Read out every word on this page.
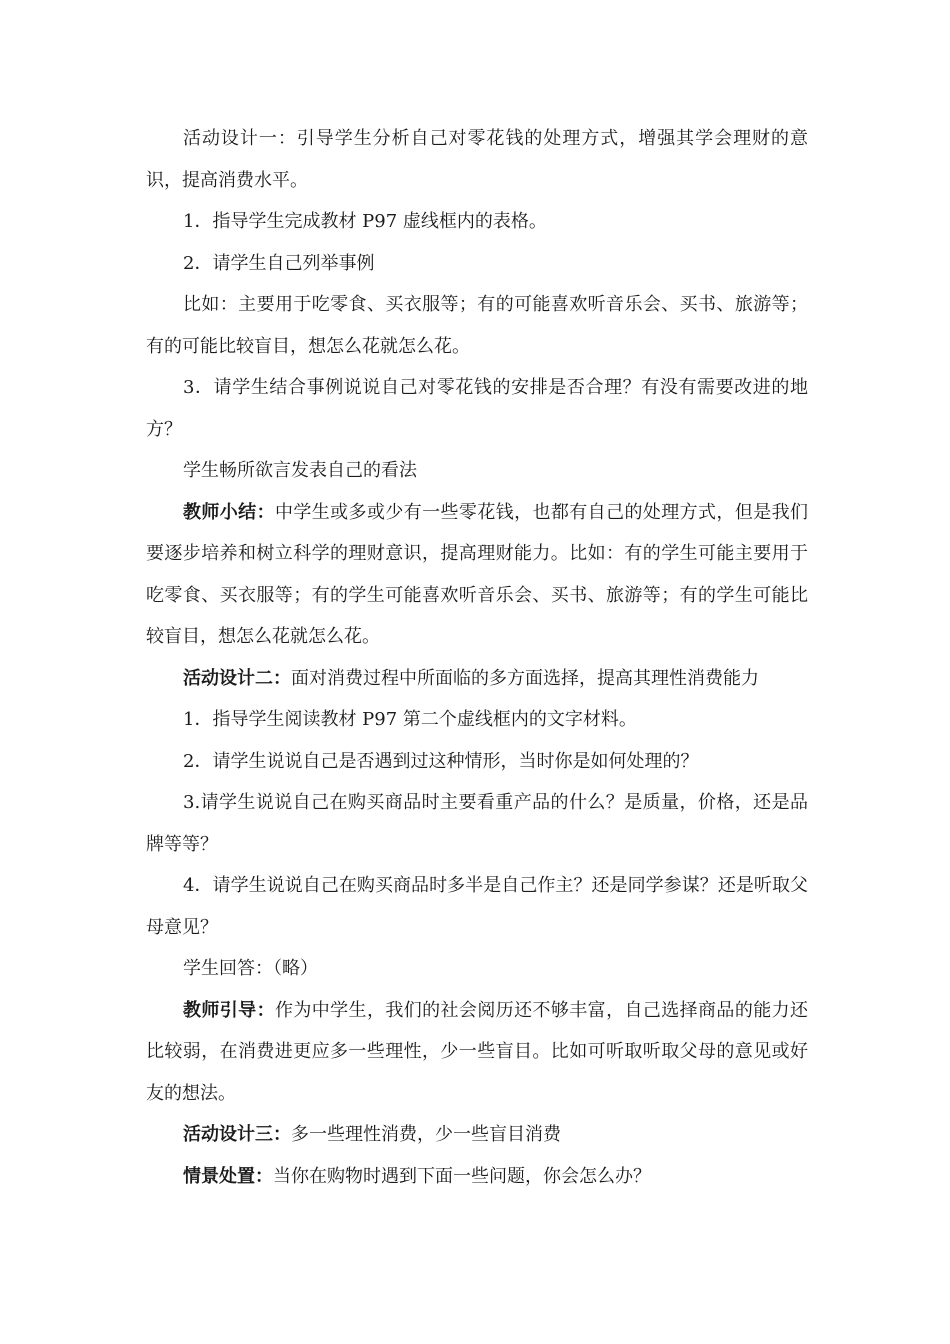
活动设计一：引导学生分析自己对零花钱的处理方式，增强其学会理财的意识，提高消费水平。

1．指导学生完成教材 P97 虚线框内的表格。

2．请学生自己列举事例

比如：主要用于吃零食、买衣服等；有的可能喜欢听音乐会、买书、旅游等；有的可能比较盲目，想怎么花就怎么花。

3．请学生结合事例说说自己对零花钱的安排是否合理？有没有需要改进的地方？

学生畅所欲言发表自己的看法

教师小结：中学生或多或少有一些零花钱，也都有自己的处理方式，但是我们要逐步培养和树立科学的理财意识，提高理财能力。比如：有的学生可能主要用于吃零食、买衣服等；有的学生可能喜欢听音乐会、买书、旅游等；有的学生可能比较盲目，想怎么花就怎么花。

活动设计二：面对消费过程中所面临的多方面选择，提高其理性消费能力

1．指导学生阅读教材 P97 第二个虚线框内的文字材料。

2．请学生说说自己是否遇到过这种情形，当时你是如何处理的？

3.请学生说说自己在购买商品时主要看重产品的什么？是质量，价格，还是品牌等等？

4．请学生说说自己在购买商品时多半是自己作主？还是同学参谋？还是听取父母意见？

学生回答：（略）

教师引导：作为中学生，我们的社会阅历还不够丰富，自己选择商品的能力还比较弱，在消费进更应多一些理性，少一些盲目。比如可听取听取父母的意见或好友的想法。

活动设计三：多一些理性消费，少一些盲目消费

情景处置：当你在购物时遇到下面一些问题，你会怎么办？
